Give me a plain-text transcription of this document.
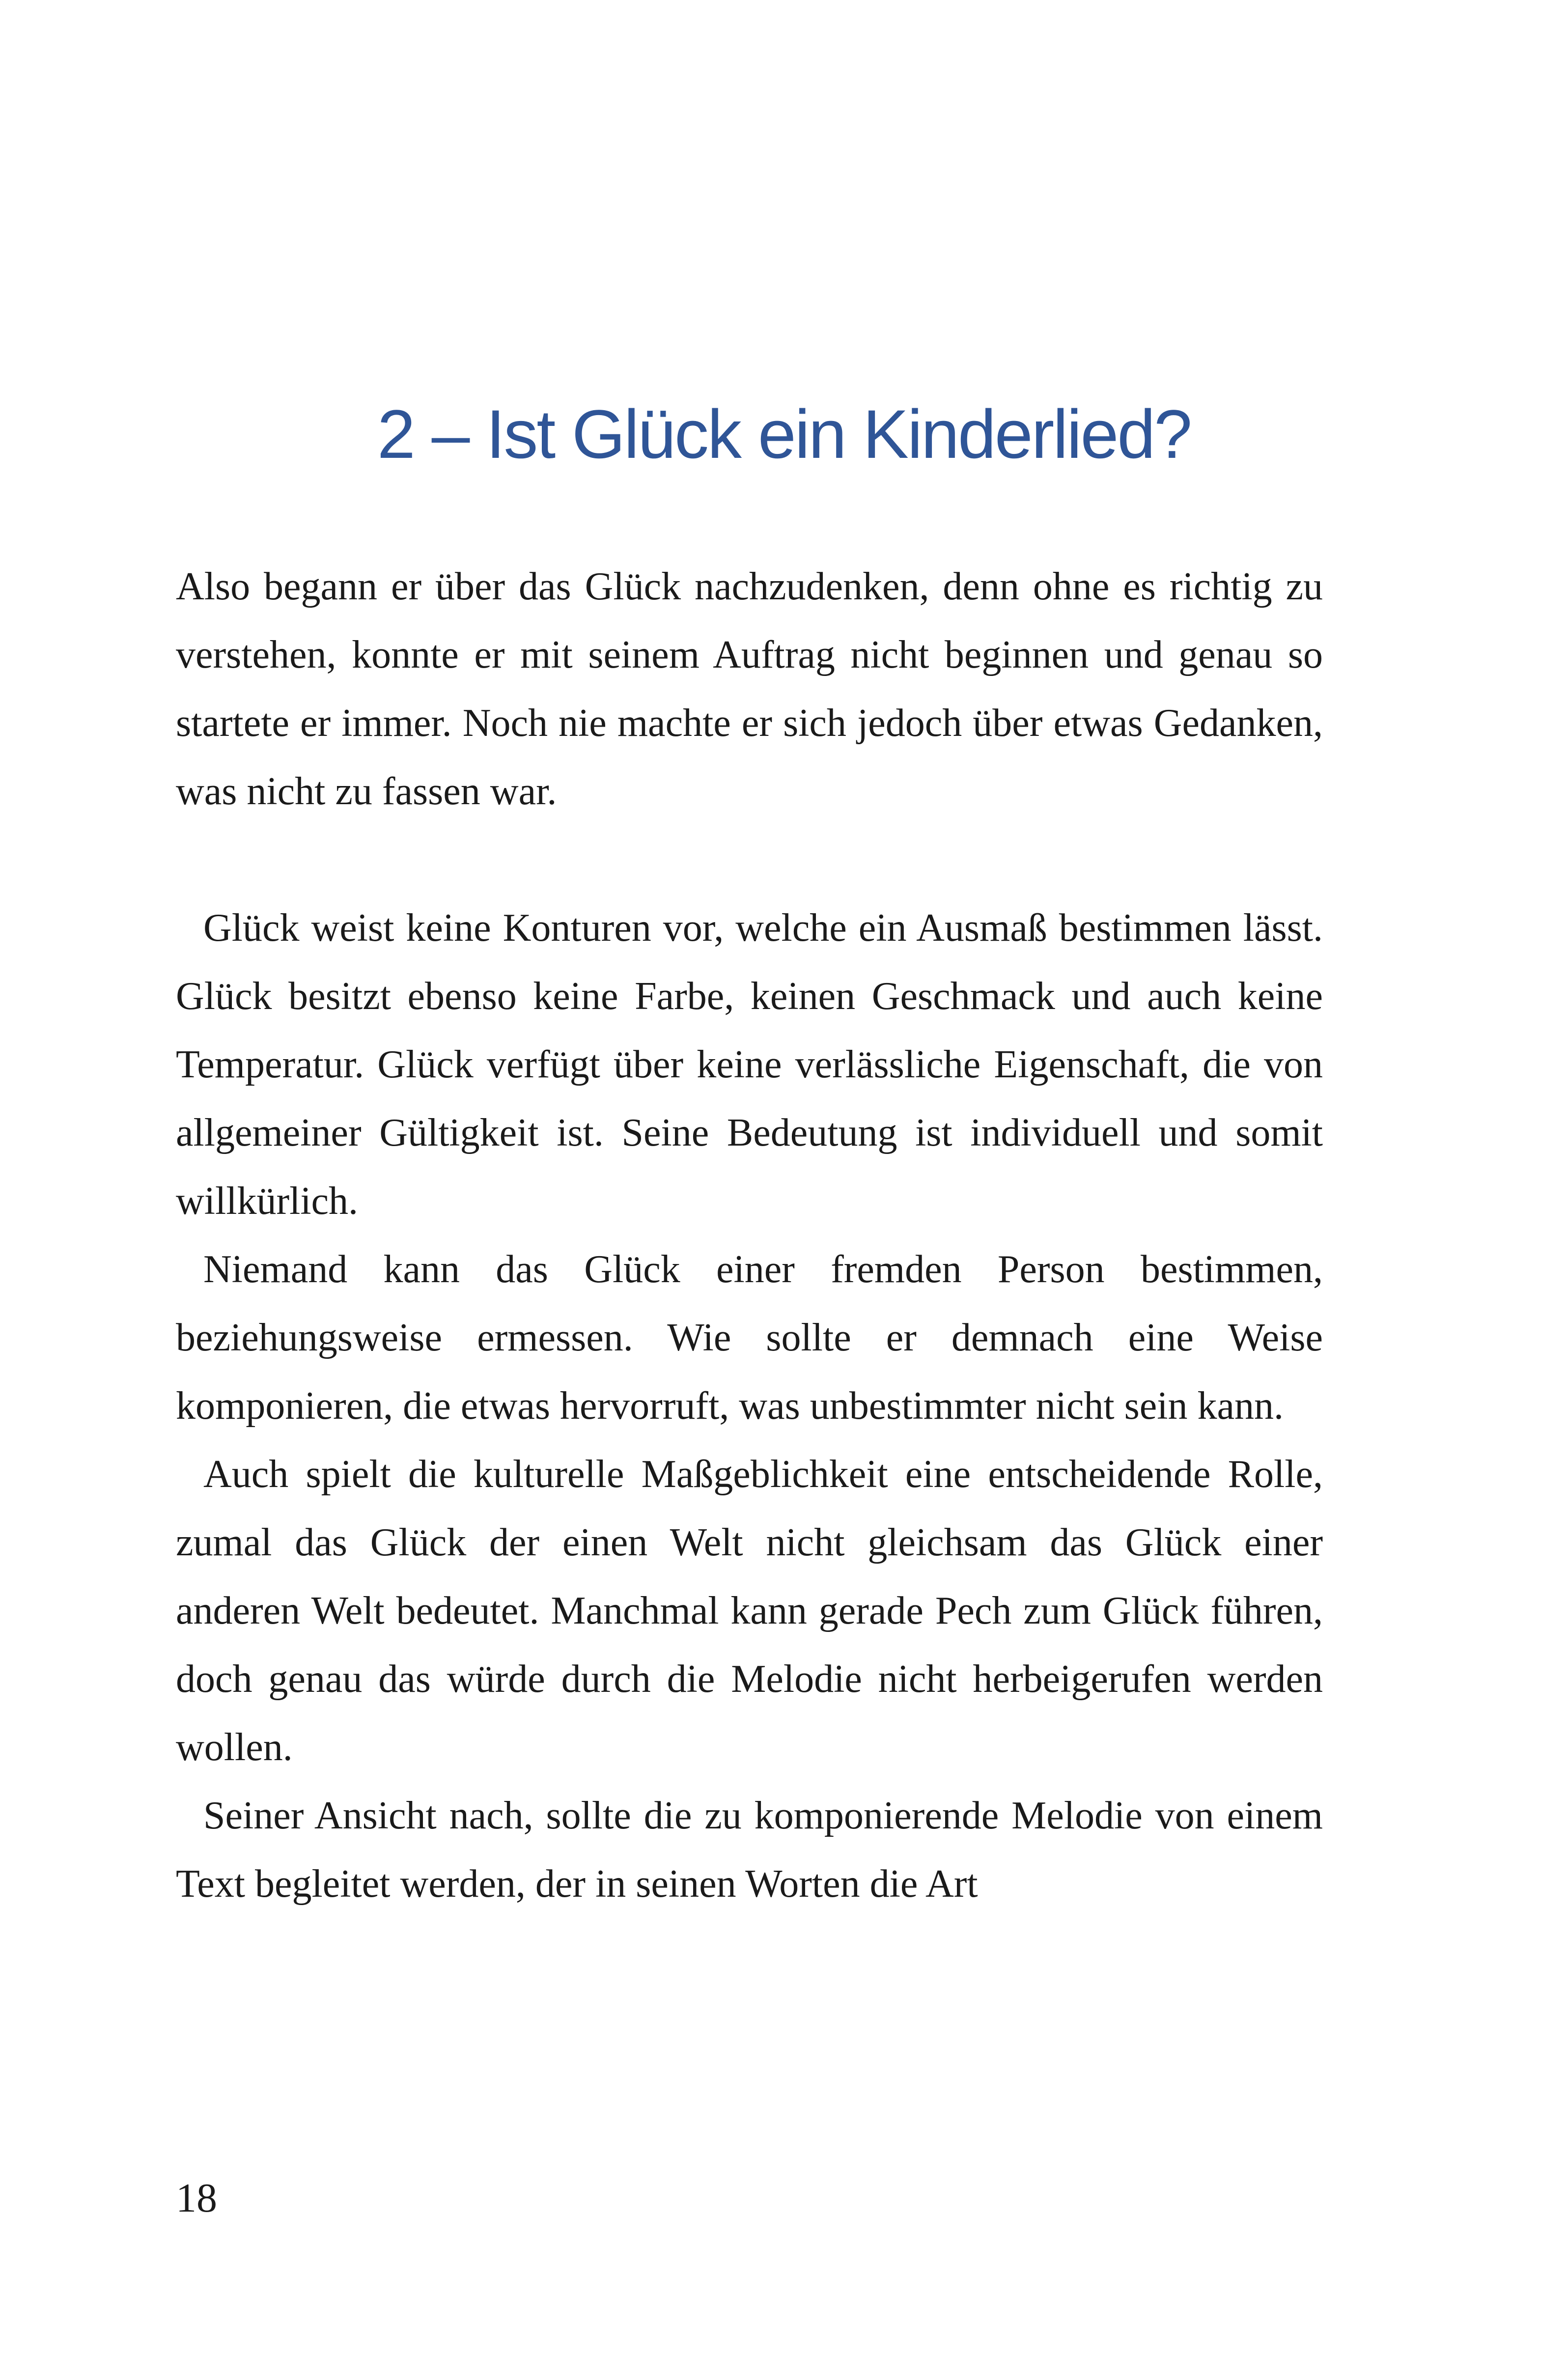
2 – Ist Glück ein Kinderlied?

Also begann er über das Glück nachzudenken, denn ohne es richtig zu verstehen, konnte er mit seinem Auftrag nicht beginnen und genau so startete er immer. Noch nie machte er sich jedoch über etwas Gedanken, was nicht zu fassen war.

Glück weist keine Konturen vor, welche ein Ausmaß bestimmen lässt. Glück besitzt ebenso keine Farbe, keinen Geschmack und auch keine Temperatur. Glück verfügt über keine verlässliche Eigenschaft, die von allgemeiner Gültigkeit ist. Seine Bedeutung ist individuell und somit willkürlich.

Niemand kann das Glück einer fremden Person bestimmen, beziehungsweise ermessen. Wie sollte er demnach eine Weise komponieren, die etwas hervorruft, was unbestimmter nicht sein kann.

Auch spielt die kulturelle Maßgeblichkeit eine entscheidende Rolle, zumal das Glück der einen Welt nicht gleichsam das Glück einer anderen Welt bedeutet. Manchmal kann gerade Pech zum Glück führen, doch genau das würde durch die Melodie nicht herbeigerufen werden wollen.

Seiner Ansicht nach, sollte die zu komponierende Melodie von einem Text begleitet werden, der in seinen Worten die Art

18
